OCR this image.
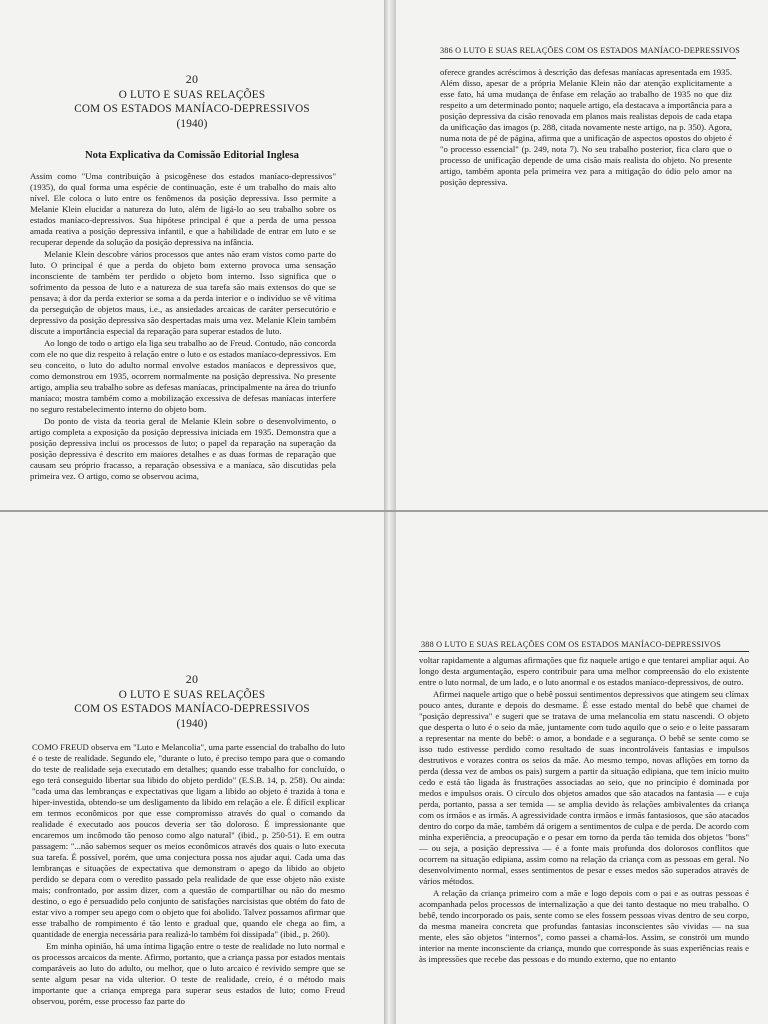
20
O LUTO E SUAS RELAÇÕES
COM OS ESTADOS MANÍACO-DEPRESSIVOS
(1940)
Nota Explicativa da Comissão Editorial Inglesa

Assim como "Uma contribuição à psicogênese dos estados maníaco-depressivos" (1935), do qual forma uma espécie de continuação, este é um trabalho do mais alto nível. Ele coloca o luto entre os fenômenos da posição depressiva. Isso permite a Melanie Klein elucidar a natureza do luto, além de ligá-lo ao seu trabalho sobre os estados maníaco-depressivos. Sua hipótese principal é que a perda de uma pessoa amada reativa a posição depressiva infantil, e que a habilidade de entrar em luto e se recuperar depende da solução da posição depressiva na infância.

Melanie Klein descobre vários processos que antes não eram vistos como parte do luto. O principal é que a perda do objeto bom externo provoca uma sensação inconsciente de também ter perdido o objeto bom interno. Isso significa que o sofrimento da pessoa de luto e a natureza de sua tarefa são mais extensos do que se pensava; à dor da perda exterior se soma a da perda interior e o indivíduo se vê vítima da perseguição de objetos maus, i.e., as ansiedades arcaicas de caráter persecutório e depressivo da posição depressiva são despertadas mais uma vez. Melanie Klein também discute a importância especial da reparação para superar estados de luto.

Ao longo de todo o artigo ela liga seu trabalho ao de Freud. Contudo, não concorda com ele no que diz respeito à relação entre o luto e os estados maníaco-depressivos. Em seu conceito, o luto do adulto normal envolve estados maníacos e depressivos que, como demonstrou em 1935, ocorrem normalmente na posição depressiva. No presente artigo, amplia seu trabalho sobre as defesas maníacas, principalmente na área do triunfo maníaco; mostra também como a mobilização excessiva de defesas maníacas interfere no seguro restabelecimento interno do objeto bom.

Do ponto de vista da teoria geral de Melanie Klein sobre o desenvolvimento, o artigo completa a exposição da posição depressiva iniciada em 1935. Demonstra que a posição depressiva inclui os processos de luto; o papel da reparação na superação da posição depressiva é descrito em maiores detalhes e as duas formas de reparação que causam seu próprio fracasso, a reparação obsessiva e a maníaca, são discutidas pela primeira vez. O artigo, como se observou acima,

386 O LUTO E SUAS RELAÇÕES COM OS ESTADOS MANÍACO-DEPRESSIVOS

oferece grandes acréscimos à descrição das defesas maníacas apresentada em 1935. Além disso, apesar de a própria Melanie Klein não dar atenção explicitamente a esse fato, há uma mudança de ênfase em relação ao trabalho de 1935 no que diz respeito a um determinado ponto; naquele artigo, ela destacava a importância para a posição depressiva da cisão renovada em planos mais realistas depois de cada etapa da unificação das imagos (p. 288, citada novamente neste artigo, na p. 350). Agora, numa nota de pé de página, afirma que a unificação de aspectos opostos do objeto é "o processo essencial" (p. 249, nota 7). No seu trabalho posterior, fica claro que o processo de unificação depende de uma cisão mais realista do objeto. No presente artigo, também aponta pela primeira vez para a mitigação do ódio pelo amor na posição depressiva.

20
O LUTO E SUAS RELAÇÕES
COM OS ESTADOS MANÍACO-DEPRESSIVOS
(1940)

COMO FREUD observa em "Luto e Melancolia", uma parte essencial do trabalho do luto é o teste de realidade. Segundo ele, "durante o luto, é preciso tempo para que o comando do teste de realidade seja executado em detalhes; quando esse trabalho for concluído, o ego terá conseguido libertar sua libido do objeto perdido" (E.S.B. 14, p. 258). Ou ainda: "cada uma das lembranças e expectativas que ligam a libido ao objeto é trazida à tona e hiper-investida, obtendo-se um desligamento da libido em relação a ele. É difícil explicar em termos econômicos por que esse compromisso através do qual o comando da realidade é executado aos poucos deveria ser tão doloroso. É impressionante que encaremos um incômodo tão penoso como algo natural" (ibid., p. 250-51). E em outra passagem: "...não sabemos sequer os meios econômicos através dos quais o luto executa sua tarefa. É possível, porém, que uma conjectura possa nos ajudar aqui. Cada uma das lembranças e situações de expectativa que demonstram o apego da libido ao objeto perdido se depara com o veredito passado pela realidade de que esse objeto não existe mais; confrontado, por assim dizer, com a questão de compartilhar ou não do mesmo destino, o ego é persuadido pelo conjunto de satisfações narcisistas que obtém do fato de estar vivo a romper seu apego com o objeto que foi abolido. Talvez possamos afirmar que esse trabalho de rompimento é tão lento e gradual que, quando ele chega ao fim, a quantidade de energia necessária para realizá-lo também foi dissipada" (ibid., p. 260).

Em minha opinião, há uma íntima ligação entre o teste de realidade no luto normal e os processos arcaicos da mente. Afirmo, portanto, que a criança passa por estados mentais comparáveis ao luto do adulto, ou melhor, que o luto arcaico é revivido sempre que se sente algum pesar na vida ulterior. O teste de realidade, creio, é o método mais importante que a criança emprega para superar seus estados de luto; como Freud observou, porém, esse processo faz parte do

388 O LUTO E SUAS RELAÇÕES COM OS ESTADOS MANÍACO-DEPRESSIVOS

voltar rapidamente a algumas afirmações que fiz naquele artigo e que tentarei ampliar aqui. Ao longo desta argumentação, espero contribuir para uma melhor compreensão do elo existente entre o luto normal, de um lado, e o luto anormal e os estados maníaco-depressivos, de outro.

Afirmei naquele artigo que o bebê possui sentimentos depressivos que atingem seu clímax pouco antes, durante e depois do desmame. É esse estado mental do bebê que chamei de "posição depressiva" e sugeri que se tratava de uma melancolia em statu nascendi. O objeto que desperta o luto é o seio da mãe, juntamente com tudo aquilo que o seio e o leite passaram a representar na mente do bebê: o amor, a bondade e a segurança. O bebê se sente como se isso tudo estivesse perdido como resultado de suas incontroláveis fantasias e impulsos destrutivos e vorazes contra os seios da mãe. Ao mesmo tempo, novas aflições em torno da perda (dessa vez de ambos os pais) surgem a partir da situação edipiana, que tem início muito cedo e está tão ligada às frustrações associadas ao seio, que no princípio é dominada por medos e impulsos orais. O círculo dos objetos amados que são atacados na fantasia — e cuja perda, portanto, passa a ser temida — se amplia devido às relações ambivalentes da criança com os irmãos e as irmãs. A agressividade contra irmãos e irmãs fantasiosos, que são atacados dentro do corpo da mãe, também dá origem a sentimentos de culpa e de perda. De acordo com minha experiência, a preocupação e o pesar em torno da perda tão temida dos objetos "bons" — ou seja, a posição depressiva — é a fonte mais profunda dos dolorosos conflitos que ocorrem na situação edipiana, assim como na relação da criança com as pessoas em geral. No desenvolvimento normal, esses sentimentos de pesar e esses medos são superados através de vários métodos.

A relação da criança primeiro com a mãe e logo depois com o pai e as outras pessoas é acompanhada pelos processos de internalização a que dei tanto destaque no meu trabalho. O bebê, tendo incorporado os pais, sente como se eles fossem pessoas vivas dentro de seu corpo, da mesma maneira concreta que profundas fantasias inconscientes são vividas — na sua mente, eles são objetos "internos", como passei a chamá-los. Assim, se constrói um mundo interior na mente inconsciente da criança, mundo que corresponde às suas experiências reais e às impressões que recebe das pessoas e do mundo externo, que no entanto
